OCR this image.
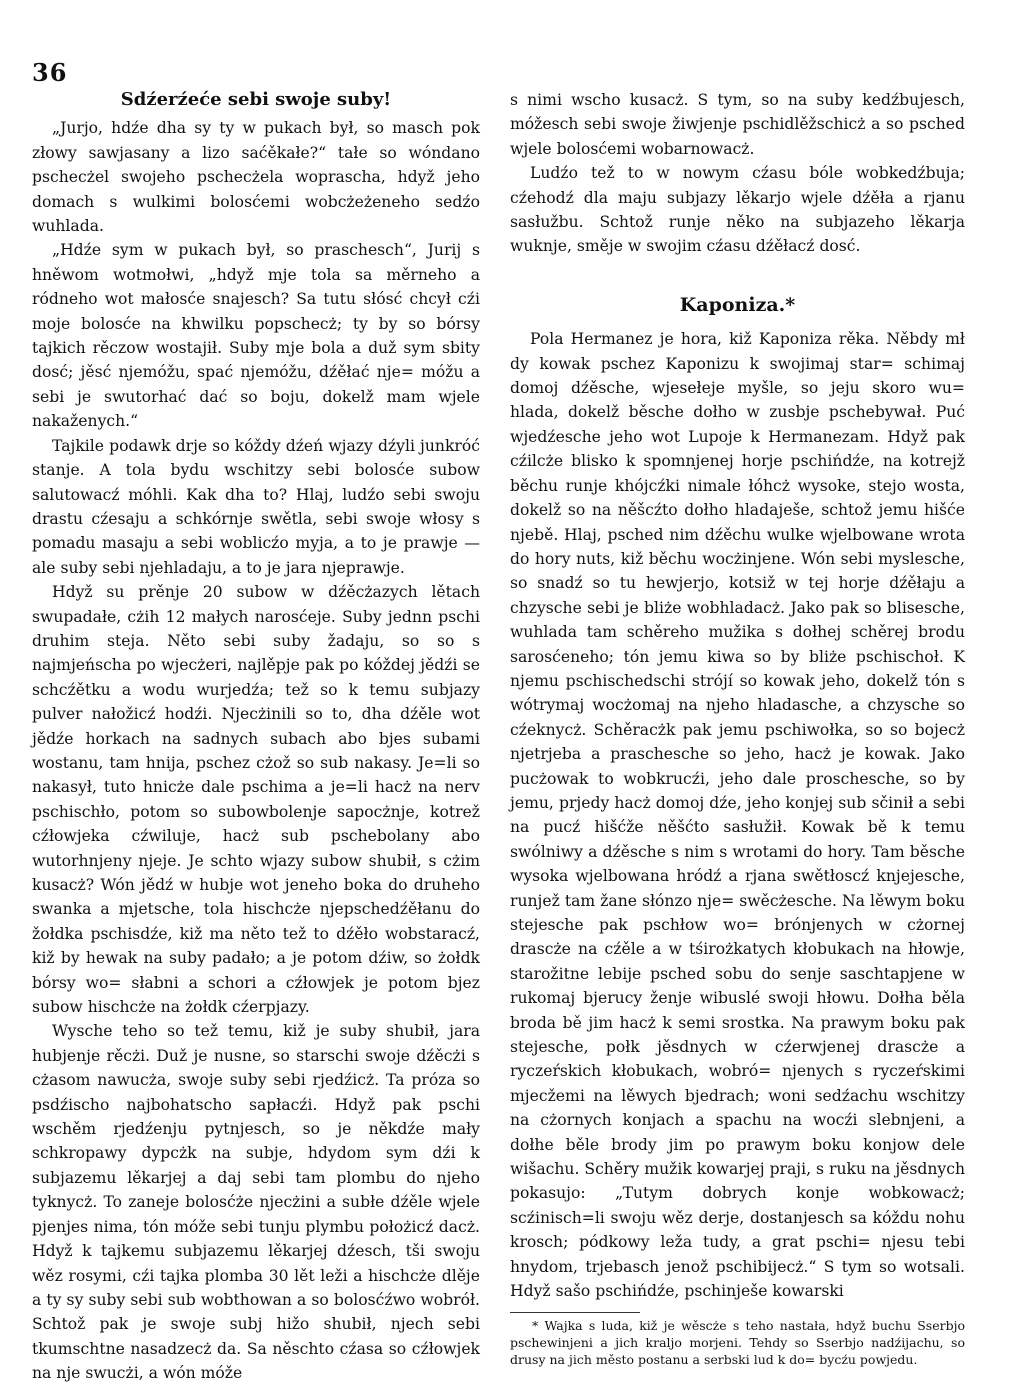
36
Sdźerźeće sebi swoje suby!

„Jurjo, hdźe dha sy ty w pukach był, so masch pok złowy sawjasany a lizo saćěkałe?“ tałe so wóndano pschecżel swojeho pschecżela woprascha, hdyž jeho domach s wulkimi bolosćemi wobcżeżeneho sedźo wuhlada.

„Hdźe sym w pukach był, so praschesch“, Jurij s hněwom wotmołwi, „hdyž mje tola sa měrneho a ródneho wot małosće snajesch? Sa tutu słósć chcył cźi moje bolosće na khwilku popschecż; ty by so bórsy tajkich rěczow wostajił. Suby mje bola a duž sym sbity dosć; jěsć njemóžu, spać njemóžu, dźěłać nje= móžu a sebi je swutorhać dać so boju, dokelž mam wjele nakaženych.“

Tajkile podawk drje so kóždy dźeń wjazy dźyli junkróć stanje. A tola bydu wschitzy sebi bolosće subow salutowacź móhli. Kak dha to? Hlaj, ludźo sebi swoju drastu cźesaju a schkórnje swětla, sebi swoje włosy s pomadu masaju a sebi woblicźo myja, a to je prawje — ale suby sebi njehladaju, a to je jara njeprawje.

Hdyž su prěnje 20 subow w dźěcżazych lětach swupadałe, cżih 12 małych narosćeje. Suby jednn pschi druhim steja. Něto sebi suby žadaju, so so s najmjeńscha po wjecżeri, najlěpje pak po kóždej jědźi se schcźětku a wodu wurjedźa; tež so k temu subjazy pulver nałožicź hodźi. Njecżinili so to, dha dźěle wot jědźe horkach na sadnych subach abo bjes subami wostanu, tam hnija, pschez cżož so sub nakasy. Je=li so nakasył, tuto hnicże dale pschima a je=li hacż na nerv pschischło, potom so subowbolenje sapocżnje, kotrež cźłowjeka cźwiluje, hacż sub pschebolany abo wutorhnjeny njeje. Je schto wjazy subow shubił, s cżim kusacż? Wón jědź w hubje wot jeneho boka do druheho swanka a mjetsche, tola hischcże njepschedźěłanu do žołdka pschisdźe, kiž ma něto tež to dźěło wobstaracź, kiž by hewak na suby padało; a je potom dźiw, so żołdk bórsy wo= słabni a schori a cźłowjek je potom bjez subow hischcże na żołdk cźerpjazy.

Wysche teho so tež temu, kiž je suby shubił, jara hubjenje rěcżi. Duž je nusne, so starschi swoje dźěcżi s cżasom nawucża, swoje suby sebi rjedźicż. Ta próza so psdźischo najbohatscho sapłacźi. Hdyž pak pschi wschěm rjedźenju pytnjesch, so je někdźe mały schkropawy dypcżk na subje, hdydom sym dźi k subjazemu lěkarjej a daj sebi tam plombu do njeho tyknycż. To zaneje bolosćże njecżini a subłe dźěle wjele pjenjes nima, tón móže sebi tunju plymbu położicź dacż. Hdyž k tajkemu subjazemu lěkarjej dźesch, tši swoju wěz rosymi, cźi tajka plomba 30 lět leži a hischcże dlěje a ty sy suby sebi sub wobthowan a so bolosćźwo wobrół. Schtož pak je swoje subj hižo shubił, njech sebi tkumschtne nasadzecż da. Sa něschto cźasa so cźłowjek na nje swucżi, a wón móže

s nimi wscho kusacż. S tym, so na suby kedźbujesch, móžesch sebi swoje žiwjenje pschidlěžschicż a so psched wjele bolosćemi wobarnowacż.

Ludźo tež to w nowym cźasu bóle wobkedźbuja; cźehodź dla maju subjazy lěkarjo wjele dźěła a rjanu sasłužbu. Schtož runje něko na subjazeho lěkarja wuknje, směje w swojim cźasu dźěłacź dosć.

Kaponiza.*

Pola Hermanez je hora, kiž Kaponiza rěka. Něbdy mł dy kowak pschez Kaponizu k swojimaj star= schimaj domoj dźěsche, wjesełeje myšle, so jeju skoro wu= hlada, dokelž běsche dołho w zusbje pschebywał. Puć wjedźesche jeho wot Lupoje k Hermanezam. Hdyž pak cźilcże blisko k spomnjenej horje pschińdźe, na kotrejž běchu runje khójcźki nimale łóhcż wysoke, stejo wosta, dokelž so na něšcźto dołho hladaješe, schtož jemu hišće njebě. Hlaj, psched nim dźěchu wulke wjelbowane wrota do hory nuts, kiž běchu wocżinjene. Wón sebi myslesche, so snadź so tu hewjerjo, kotsiž w tej horje dźěłaju a chzysche sebi je bliże wobhladacż. Jako pak so blisesche, wuhlada tam schěreho mužika s dołhej schěrej brodu sarosćeneho; tón jemu kiwa so by bliże pschischoł. K njemu pschischedschi strójí so kowak jeho, dokelž tón s wótrymaj wocżomaj na njeho hladasche, a chzysche so cźeknycż. Schěracżk pak jemu pschiwołka, so so bojecż njetrjeba a praschesche so jeho, hacż je kowak. Jako pucżowak to wobkrucźi, jeho dale proschesche, so by jemu, prjedy hacż domoj dźe, jeho konjej sub sčinił a sebi na pucź hišćže něšćto sasłužił. Kowak bě k temu swólniwy a dźěsche s nim s wrotami do hory. Tam běsche wysoka wjelbowana hródź a rjana swětłoscź knjejesche, runjež tam žane słónzo nje= swěcżesche. Na lěwym boku stejesche pak pschłow wo= brónjenych w cżornej drascże na cźěle a w tśirożkatych kłobukach na hłowje, starožitne lebije psched sobu do senje saschtapjene w rukomaj bjerucy ženje wibuslé swoji hłowu. Dołha běla broda bě jim hacż k semi srostka. Na prawym boku pak stejesche, połk jěsdnych w cźerwjenej drascże a ryczeŕskich kłobukach, wobró= njenych s ryczeŕskimi mjecžemi na lěwych bjedrach; woni sedźachu wschitzy na cżornych konjach a spachu na wocźi slebnjeni, a dołhe běle brody jim po prawym boku konjow dele wišachu. Schěry mužik kowarjej praji, s ruku na jěsdnych pokasujo: „Tutym dobrych konje wobkowacż; scźinisch=li swoju wěz derje, dostanjesch sa kóždu nohu krosch; pódkowy leža tudy, a grat pschi= njesu tebi hnydom, trjebasch jenož pschibijecż.“ S tym so wotsali. Hdyž sašo pschińdźe, pschinješe kowarski

* Wajka s luda, kiž je wěscże s teho nastała, hdyž buchu Sserbjo pschewinjeni a jich kraljo morjeni. Tehdy so Sserbjo nadźijachu, so drusy na jich město postanu a serbski lud k do= bycźu powjedu.
